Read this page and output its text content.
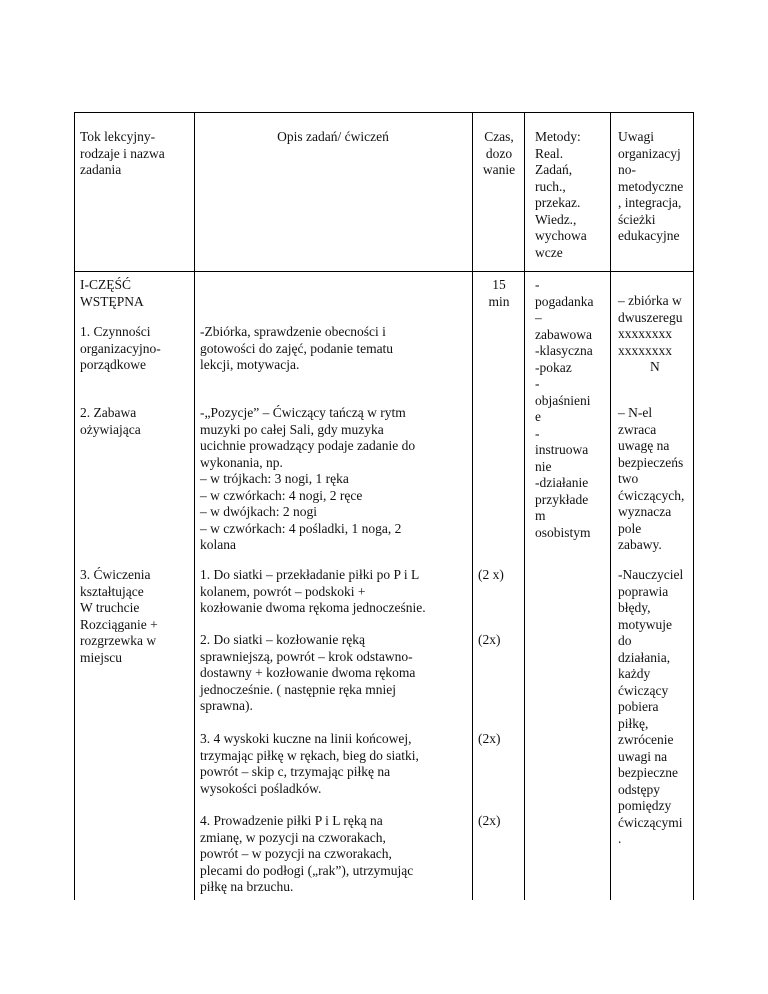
Tok lekcyjny-
rodzaje i nazwa
zadania
Opis zadań/ ćwiczeń	Czas,
dozo
wanie
Metody:
Real.
Zadań,
ruch.,
przekaz.
Wiedz.,
wychowa
wcze
Uwagi
organizacyj
no-
metodyczne
, integracja,
ścieżki
edukacyjne
I-CZĘŚĆ
WSTĘPNA
15
min
-
pogadanka
–
zabawowa
-klasyczna
-pokaz
-
objaśnieni
e
-
instruowa
nie
-działanie
przykłade
m
osobistym
– zbiórka w
dwuszeregu
xxxxxxxx
xxxxxxxx
N
– N-el
zwraca
uwagę na
bezpieczeńs
two
ćwiczących,
wyznacza
pole
zabawy.
-Nauczyciel
poprawia
błędy,
motywuje
do
działania,
każdy
ćwiczący
pobiera
piłkę,
zwrócenie
uwagi na
bezpieczne
odstępy
pomiędzy
ćwiczącymi
.
1. Czynności
organizacyjno-
porządkowe
-Zbiórka, sprawdzenie obecności i
gotowości do zajęć, podanie tematu
lekcji, motywacja.
2. Zabawa
ożywiająca
-„Pozycje” – Ćwiczący tańczą w rytm
muzyki po całej Sali, gdy muzyka
ucichnie prowadzący podaje zadanie do
wykonania, np.
– w trójkach: 3 nogi, 1 ręka
– w czwórkach: 4 nogi, 2 ręce
– w dwójkach: 2 nogi
– w czwórkach: 4 pośladki, 1 noga, 2
kolana
3. Ćwiczenia
kształtujące
W truchcie
Rozciąganie +
rozgrzewka w
miejscu
1. Do siatki – przekładanie piłki po P i L
kolanem, powrót – podskoki +
kozłowanie dwoma rękoma jednocześnie.
(2 x)
2. Do siatki – kozłowanie ręką
sprawniejszą, powrót – krok odstawno-
dostawny + kozłowanie dwoma rękoma
jednocześnie. ( następnie ręka mniej
sprawna).
(2x)
3. 4 wyskoki kuczne na linii końcowej,
trzymając piłkę w rękach, bieg do siatki,
powrót – skip c, trzymając piłkę na
wysokości pośladków.
(2x)
4. Prowadzenie piłki P i L ręką na
zmianę, w pozycji na czworakach,
powrót – w pozycji na czworakach,
plecami do podłogi („rak”), utrzymując
piłkę na brzuchu.
(2x)
